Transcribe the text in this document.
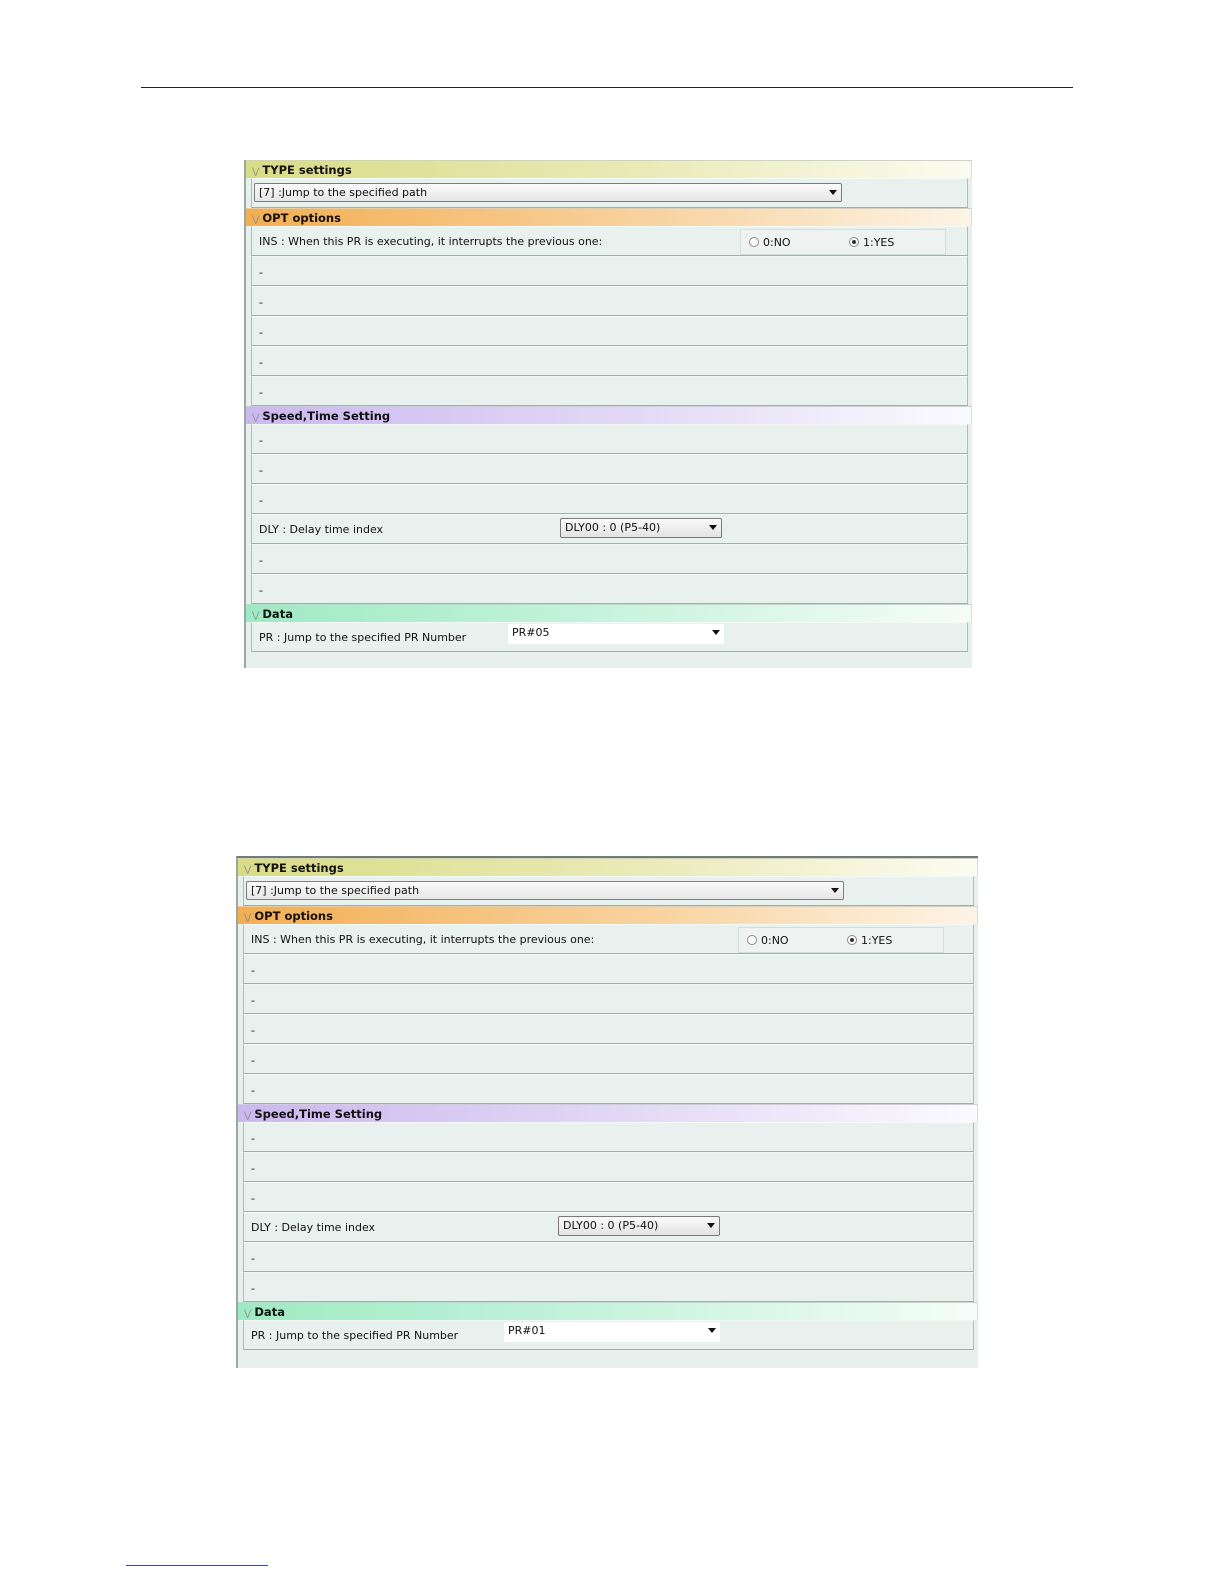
⋁ TYPE settings
[7] :Jump to the specified path
⋁ OPT options
INS : When this PR is executing, it interrupts the previous one:	0:NO	1:YES
-
-
-
-
-
⋁ Speed,Time Setting
-
-
-
DLY : Delay time index	DLY00 : 0 (P5-40)
-
-
⋁ Data
PR : Jump to the specified PR Number	PR#05
⋁ TYPE settings
[7] :Jump to the specified path
⋁ OPT options
INS : When this PR is executing, it interrupts the previous one:	0:NO	1:YES
-
-
-
-
-
⋁ Speed,Time Setting
-
-
-
DLY : Delay time index	DLY00 : 0 (P5-40)
-
-
⋁ Data
PR : Jump to the specified PR Number	PR#01
